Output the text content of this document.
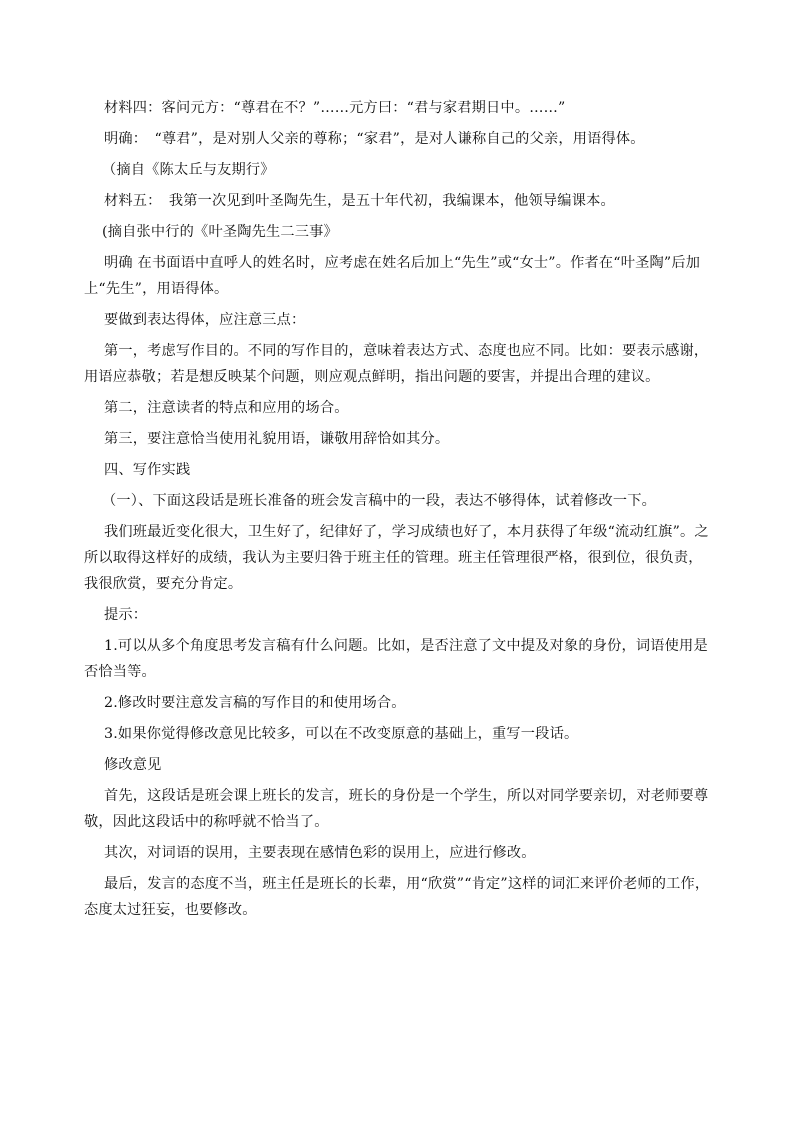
材料四：客问元方：“尊君在不？”……元方曰：“君与家君期日中。……”

明确：　“尊君”，是对别人父亲的尊称；“家君”，是对人谦称自己的父亲，用语得体。

（摘自《陈太丘与友期行》

材料五：　我第一次见到叶圣陶先生，是五十年代初，我编课本，他领导编课本。

(摘自张中行的《叶圣陶先生二三事》

明确 在书面语中直呼人的姓名时，应考虑在姓名后加上“先生”或“女士”。作者在“叶圣陶”后加上“先生”，用语得体。

要做到表达得体，应注意三点：

第一，考虑写作目的。不同的写作目的，意味着表达方式、态度也应不同。比如：要表示感谢，用语应恭敬；若是想反映某个问题，则应观点鲜明，指出问题的要害，并提出合理的建议。

第二，注意读者的特点和应用的场合。

第三，要注意恰当使用礼貌用语，谦敬用辞恰如其分。

四、写作实践

（一）、下面这段话是班长准备的班会发言稿中的一段，表达不够得体，试着修改一下。

我们班最近变化很大，卫生好了，纪律好了，学习成绩也好了，本月获得了年级“流动红旗”。之所以取得这样好的成绩，我认为主要归咎于班主任的管理。班主任管理很严格，很到位，很负责，我很欣赏，要充分肯定。

提示：

1.可以从多个角度思考发言稿有什么问题。比如，是否注意了文中提及对象的身份，词语使用是否恰当等。

2.修改时要注意发言稿的写作目的和使用场合。

3.如果你觉得修改意见比较多，可以在不改变原意的基础上，重写一段话。

修改意见

首先，这段话是班会课上班长的发言，班长的身份是一个学生，所以对同学要亲切，对老师要尊敬，因此这段话中的称呼就不恰当了。

其次，对词语的误用，主要表现在感情色彩的误用上，应进行修改。

最后，发言的态度不当，班主任是班长的长辈，用“欣赏”“肯定”这样的词汇来评价老师的工作，态度太过狂妄，也要修改。
